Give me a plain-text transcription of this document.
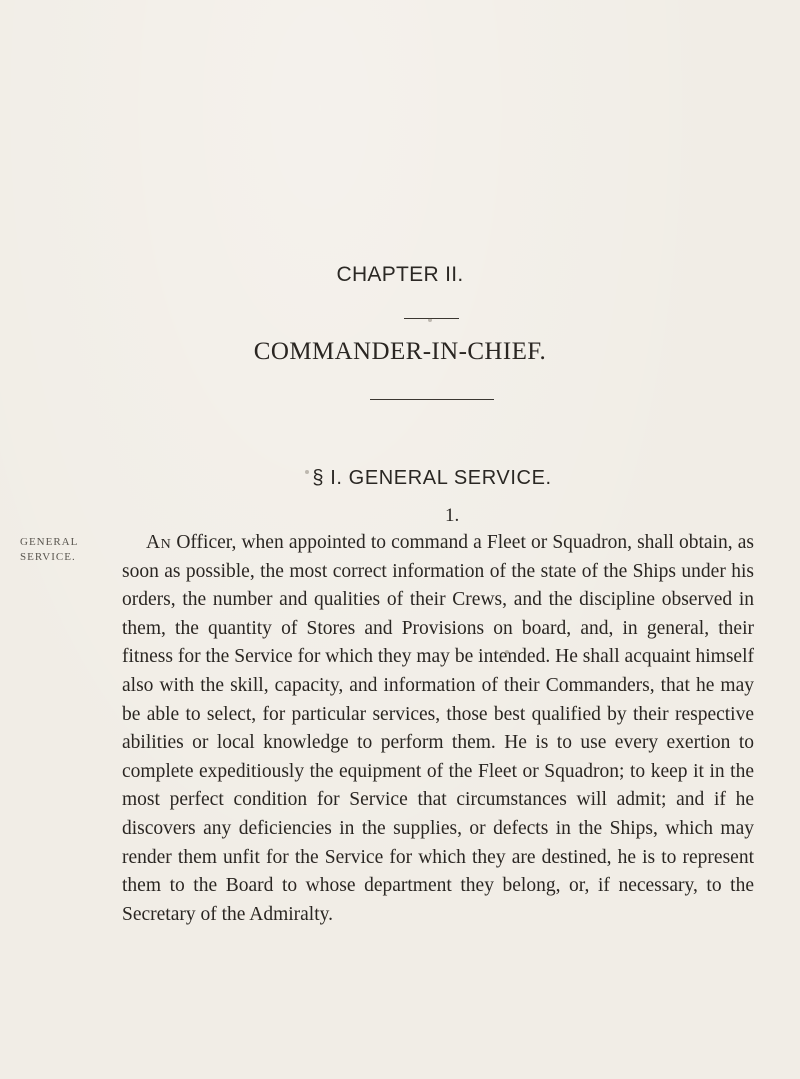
CHAPTER II.
COMMANDER-IN-CHIEF.
§ I. GENERAL SERVICE.
1.
GENERAL
SERVICE.
An Officer, when appointed to command a Fleet or Squadron, shall obtain, as soon as possible, the most correct information of the state of the Ships under his orders, the number and qualities of their Crews, and the discipline observed in them, the quantity of Stores and Provisions on board, and, in general, their fitness for the Service for which they may be intended. He shall acquaint himself also with the skill, capacity, and information of their Commanders, that he may be able to select, for particular services, those best qualified by their respective abilities or local knowledge to perform them. He is to use every exertion to complete expeditiously the equipment of the Fleet or Squadron; to keep it in the most perfect condition for Service that circumstances will admit; and if he discovers any deficiencies in the supplies, or defects in the Ships, which may render them unfit for the Service for which they are destined, he is to represent them to the Board to whose department they belong, or, if necessary, to the Secretary of the Admiralty.
